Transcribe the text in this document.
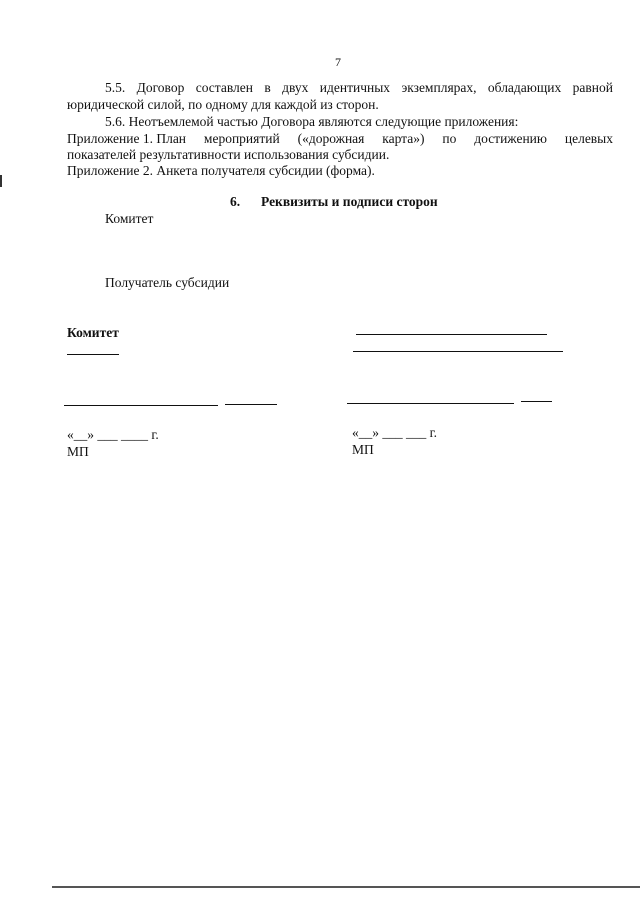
7
5.5. Договор составлен в двух идентичных экземплярах, обладающих равной
юридической силой, по одному для каждой из сторон.
5.6. Неотъемлемой частью Договора являются следующие приложения:
Приложение 1. План мероприятий («дорожная карта») по достижению целевых
показателей результативности использования субсидии.
Приложение 2. Анкета получателя субсидии (форма).
6. Реквизиты и подписи сторон
Комитет
Получатель субсидии
Комитет
«__» ___ ____ г.
МП
«__» ___ ___ г.
МП
